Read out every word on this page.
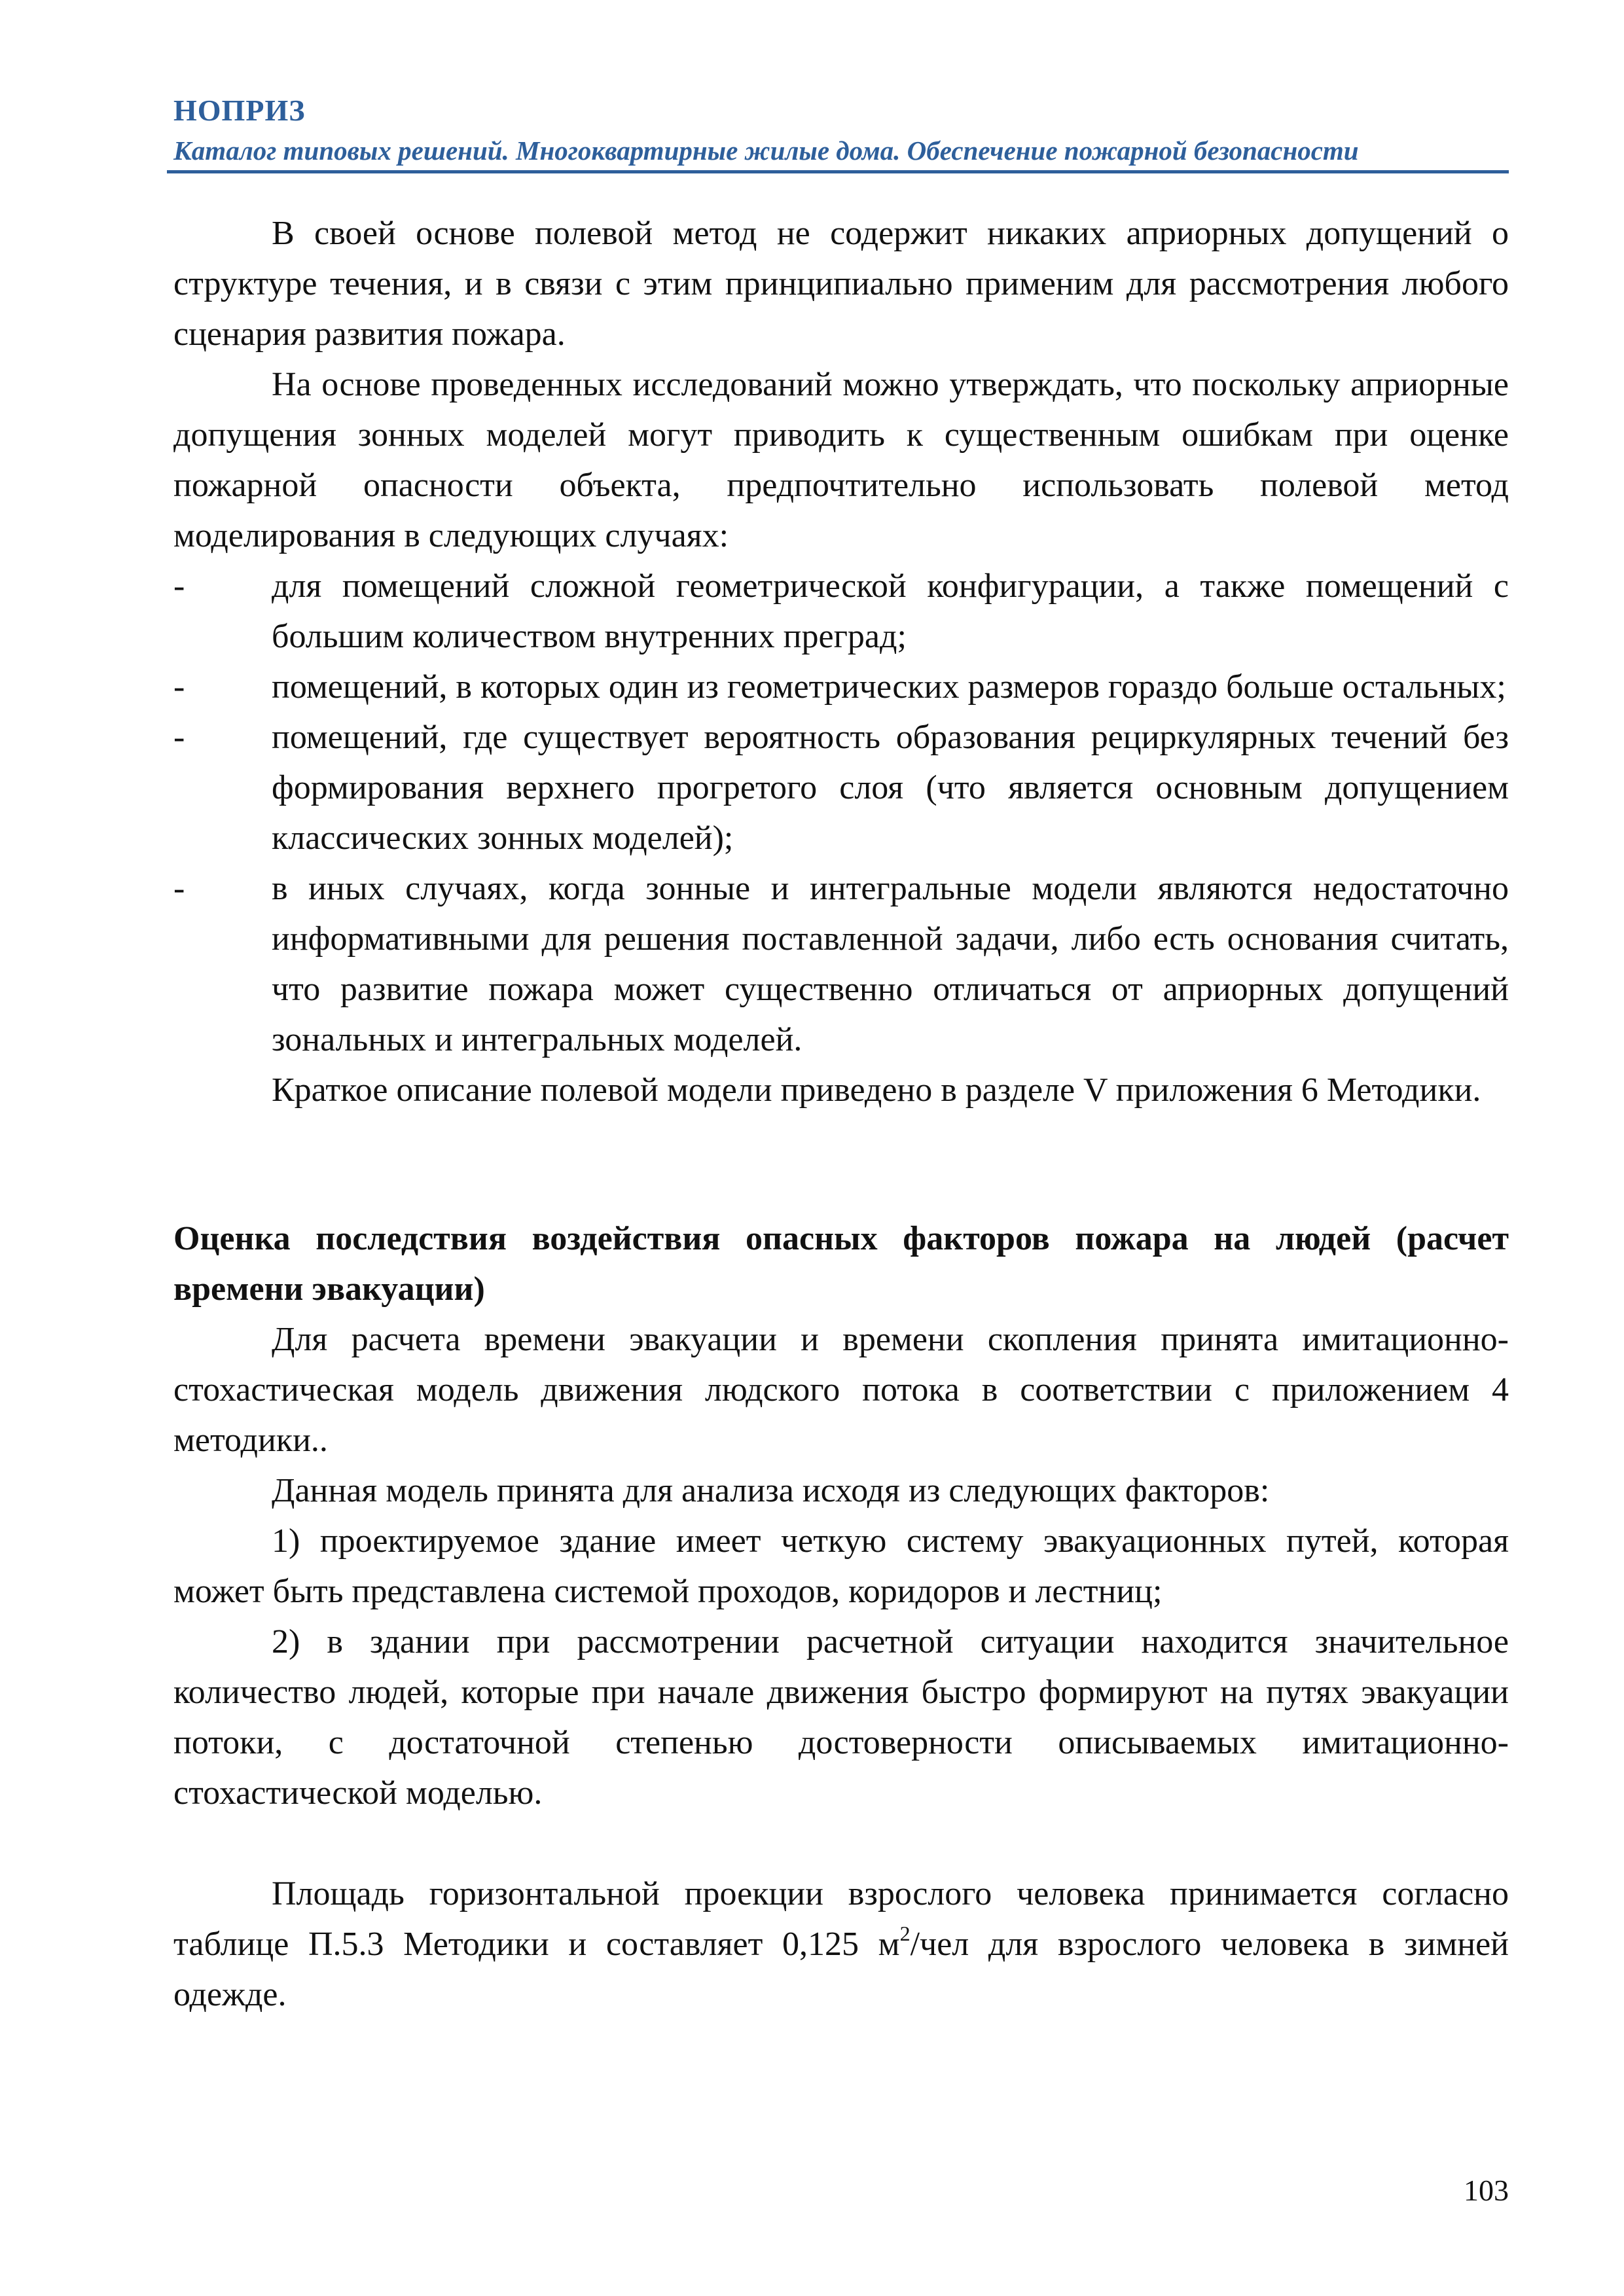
НОПРИЗ
Каталог типовых решений. Многоквартирные жилые дома. Обеспечение пожарной безопасности

В своей основе полевой метод не содержит никаких априорных допущений о структуре течения, и в связи с этим принципиально применим для рассмотрения любого сценария развития пожара.

На основе проведенных исследований можно утверждать, что поскольку априорные допущения зонных моделей могут приводить к существенным ошибкам при оценке пожарной опасности объекта, предпочтительно использовать полевой метод моделирования в следующих случаях:

-	для помещений сложной геометрической конфигурации, а также помещений с большим количеством внутренних преград;

-	помещений, в которых один из геометрических размеров гораздо больше остальных;

-	помещений, где существует вероятность образования рециркулярных течений без формирования верхнего прогретого слоя (что является основным допущением классических зонных моделей);

-	в иных случаях, когда зонные и интегральные модели являются недостаточно информативными для решения поставленной задачи, либо есть основания считать, что развитие пожара может существенно отличаться от априорных допущений зональных и интегральных моделей.

Краткое описание полевой модели приведено в разделе V приложения 6 Методики.

Оценка последствия воздействия опасных факторов пожара на людей (расчет времени эвакуации)

Для расчета времени эвакуации и времени скопления принята имитационно-стохастическая модель движения людского потока в соответствии с приложением 4 методики..

Данная модель принята для анализа исходя из следующих факторов:

1) проектируемое здание имеет четкую систему эвакуационных путей, которая может быть представлена системой проходов, коридоров и лестниц;

2) в здании при рассмотрении расчетной ситуации находится значительное количество людей, которые при начале движения быстро формируют на путях эвакуации потоки, с достаточной степенью достоверности описываемых имитационно-стохастической моделью.

Площадь горизонтальной проекции взрослого человека принимается согласно таблице П.5.3 Методики и составляет 0,125 $м^2$/чел для взрослого человека в зимней одежде.

103
